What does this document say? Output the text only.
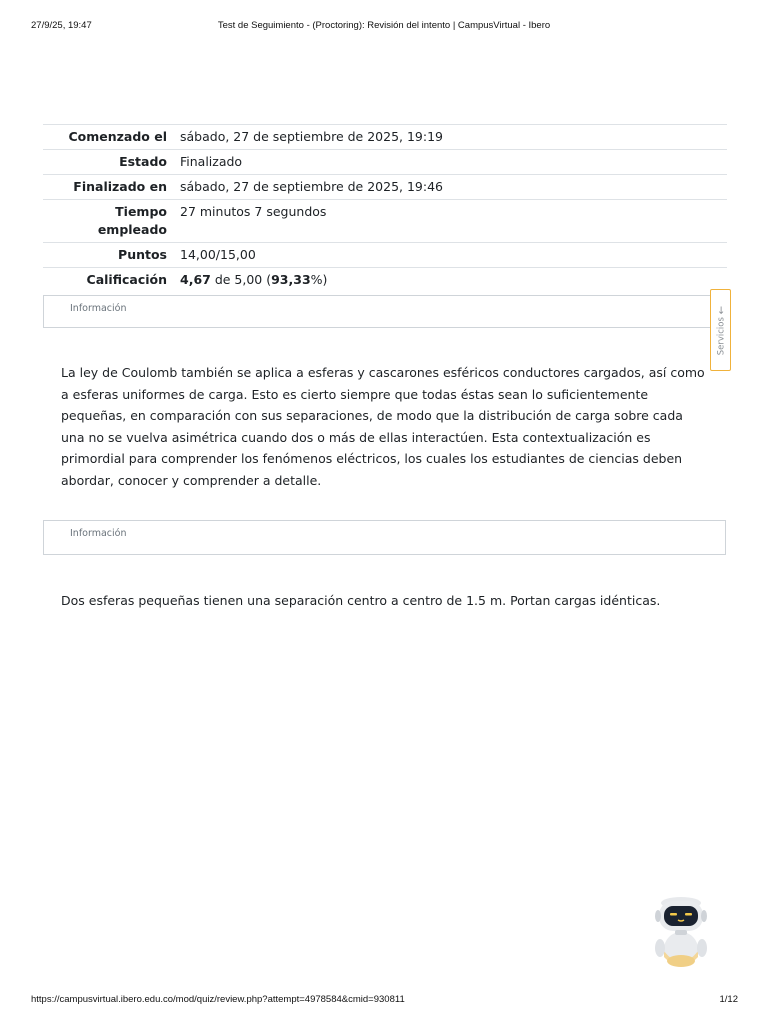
27/9/25, 19:47	Test de Seguimiento - (Proctoring): Revisión del intento | CampusVirtual - Ibero
Comenzado el	sábado, 27 de septiembre de 2025, 19:19
Estado	Finalizado
Finalizado en	sábado, 27 de septiembre de 2025, 19:46

Tiempo
empleado	27 minutos 7 segundos
Puntos	14,00/15,00
Calificación	4,67 de 5,00 (93,33%)
Información
La ley de Coulomb también se aplica a esferas y cascarones esféricos conductores cargados, así como a esferas uniformes de carga. Esto es cierto siempre que todas éstas sean lo suficientemente pequeñas, en comparación con sus separaciones, de modo que la distribución de carga sobre cada una no se vuelva asimétrica cuando dos o más de ellas interactúen. Esta contextualización es primordial para comprender los fenómenos eléctricos, los cuales los estudiantes de ciencias deben abordar, conocer y comprender a detalle.
Información
Dos esferas pequeñas tienen una separación centro a centro de 1.5 m. Portan cargas idénticas.
Servicios
↑
https://campusvirtual.ibero.edu.co/mod/quiz/review.php?attempt=4978584&cmid=930811	1/12
